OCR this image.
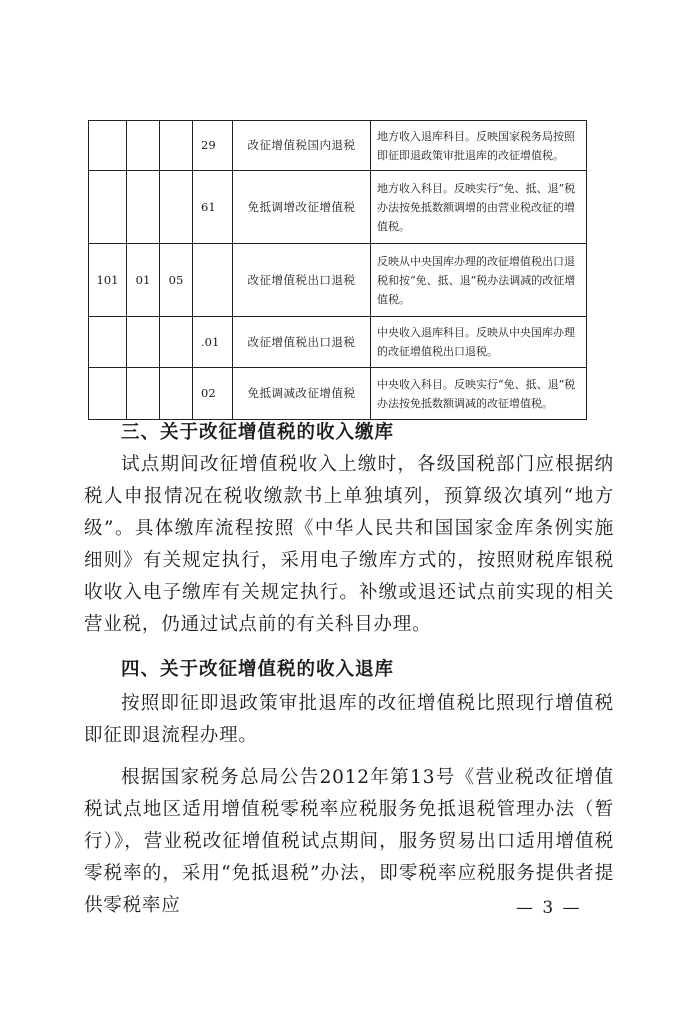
			29	改征增值税国内退税	地方收入退库科目。反映国家税务局按照即征即退政策审批退库的改征增值税。
			61	免抵调增改征增值税	地方收入科目。反映实行“免、抵、退”税办法按免抵数额调增的由营业税改征的增值税。
101	01	05		改征增值税出口退税	反映从中央国库办理的改征增值税出口退税和按“免、抵、退”税办法调减的改征增值税。
			.01	改征增值税出口退税	中央收入退库科目。反映从中央国库办理的改征增值税出口退税。
			02	免抵调减改征增值税	中央收入科目。反映实行“免、抵、退”税办法按免抵数额调减的改征增值税。
三、关于改征增值税的收入缴库

试点期间改征增值税收入上缴时，各级国税部门应根据纳税人申报情况在税收缴款书上单独填列，预算级次填列“地方级”。具体缴库流程按照《中华人民共和国国家金库条例实施细则》有关规定执行，采用电子缴库方式的，按照财税库银税收收入电子缴库有关规定执行。补缴或退还试点前实现的相关营业税，仍通过试点前的有关科目办理。

四、关于改征增值税的收入退库

按照即征即退政策审批退库的改征增值税比照现行增值税即征即退流程办理。

根据国家税务总局公告2012年第13号《营业税改征增值税试点地区适用增值税零税率应税服务免抵退税管理办法（暂行）》，营业税改征增值税试点期间，服务贸易出口适用增值税零税率的，采用“免抵退税”办法，即零税率应税服务提供者提供零税率应	— 3 —
